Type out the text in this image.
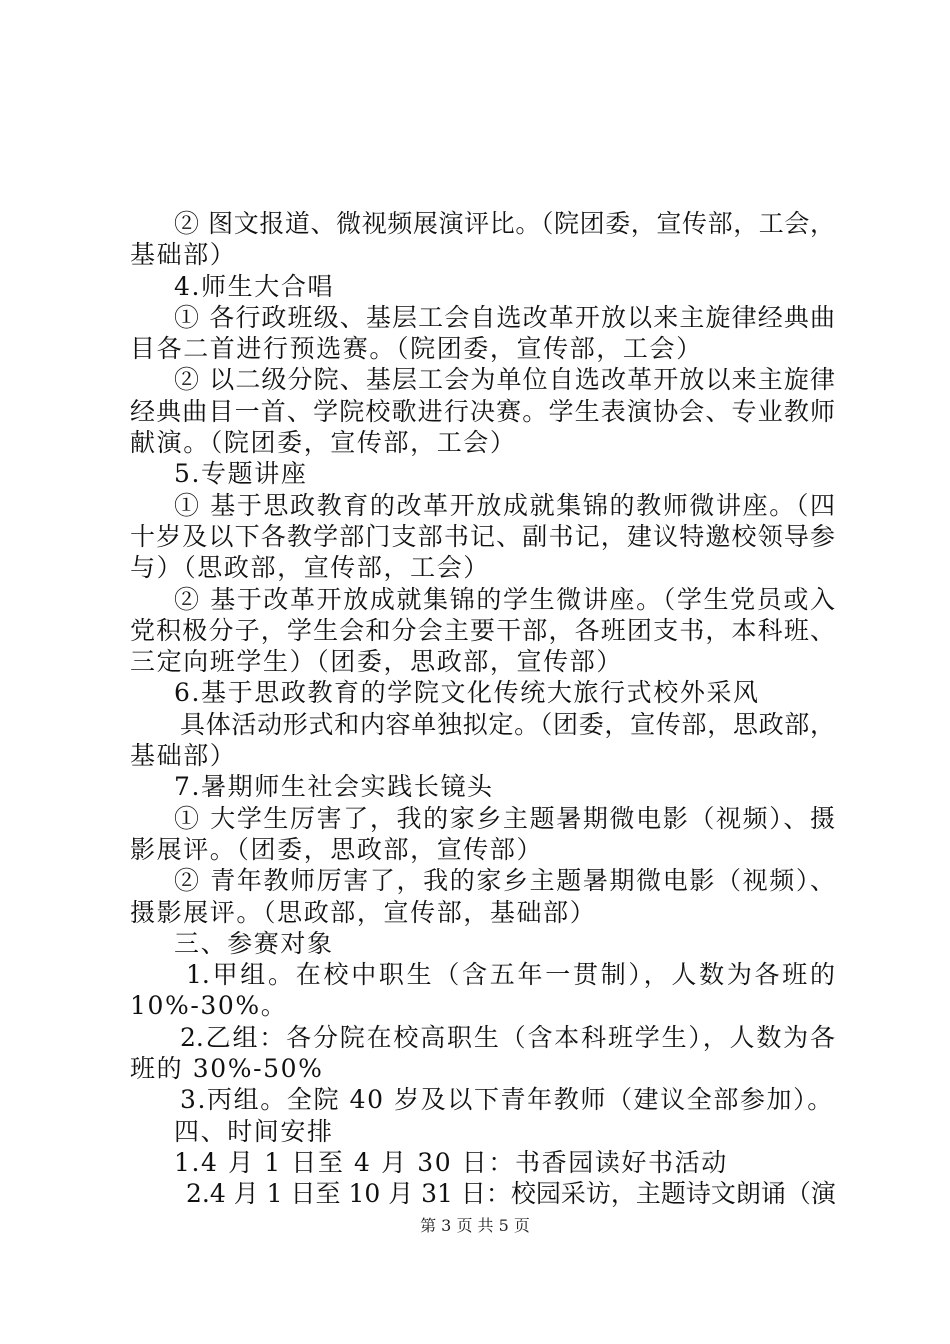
② 图文报道、微视频展演评比。（院团委，宣传部，工会，
基础部）
4.师生大合唱
① 各行政班级、基层工会自选改革开放以来主旋律经典曲
目各二首进行预选赛。（院团委，宣传部，工会）
② 以二级分院、基层工会为单位自选改革开放以来主旋律
经典曲目一首、学院校歌进行决赛。学生表演协会、专业教师
献演。（院团委，宣传部，工会）
5.专题讲座
① 基于思政教育的改革开放成就集锦的教师微讲座。（四
十岁及以下各教学部门支部书记、副书记，建议特邀校领导参
与）（思政部，宣传部，工会）
② 基于改革开放成就集锦的学生微讲座。（学生党员或入
党积极分子，学生会和分会主要干部，各班团支书，本科班、
三定向班学生）（团委，思政部，宣传部）
6.基于思政教育的学院文化传统大旅行式校外采风
具体活动形式和内容单独拟定。（团委，宣传部，思政部，
基础部）
7.暑期师生社会实践长镜头
① 大学生厉害了，我的家乡主题暑期微电影（视频）、摄
影展评。（团委，思政部，宣传部）
② 青年教师厉害了，我的家乡主题暑期微电影（视频）、
摄影展评。（思政部，宣传部，基础部）
三、参赛对象
1.甲组。在校中职生（含五年一贯制），人数为各班的
10%-30%。
2.乙组：各分院在校高职生（含本科班学生），人数为各
班的 30%-50%
3.丙组。全院 40 岁及以下青年教师（建议全部参加）。
四、时间安排
1.4 月 1 日至 4 月 30 日：书香园读好书活动
2.4 月 1 日至 10 月 31 日：校园采访，主题诗文朗诵（演
第 3 页 共 5 页
